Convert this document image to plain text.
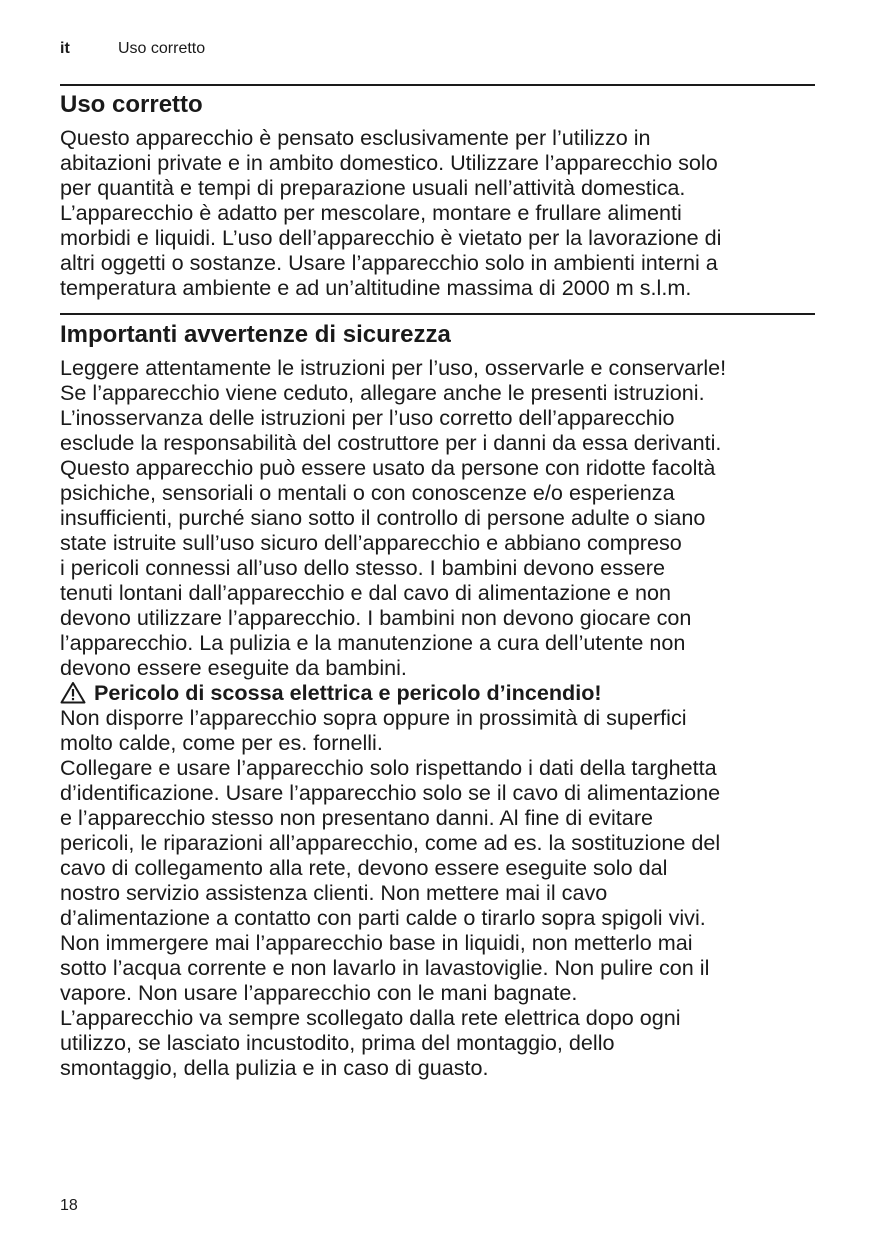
it	Uso corretto
Uso corretto
Questo apparecchio è pensato esclusivamente per l’utilizzo in
abitazioni private e in ambito domestico. Utilizzare l’apparecchio solo
per quantità e tempi di preparazione usuali nell’attività domestica.
L’apparecchio è adatto per mescolare, montare e frullare alimenti
morbidi e liquidi. L’uso dell’apparecchio è vietato per la lavorazione di
altri oggetti o sostanze. Usare l’apparecchio solo in ambienti interni a
temperatura ambiente e ad un’altitudine massima di 2000 m s.l.m.
Importanti avvertenze di sicurezza
Leggere attentamente le istruzioni per l’uso, osservarle e conservarle!
Se l’apparecchio viene ceduto, allegare anche le presenti istruzioni.
L’inosservanza delle istruzioni per l’uso corretto dell’apparecchio
esclude la responsabilità del costruttore per i danni da essa derivanti.
Questo apparecchio può essere usato da persone con ridotte facoltà
psichiche, sensoriali o mentali o con conoscenze e/o esperienza
insufficienti, purché siano sotto il controllo di persone adulte o siano
state istruite sull’uso sicuro dell’apparecchio e abbiano compreso
i pericoli connessi all’uso dello stesso. I bambini devono essere
tenuti lontani dall’apparecchio e dal cavo di alimentazione e non
devono utilizzare l’apparecchio. I bambini non devono giocare con
l’apparecchio. La pulizia e la manutenzione a cura dell’utente non
devono essere eseguite da bambini.
Pericolo di scossa elettrica e pericolo d’incendio!
Non disporre l’apparecchio sopra oppure in prossimità di superfici
molto calde, come per es. fornelli.
Collegare e usare l’apparecchio solo rispettando i dati della targhetta
d’identificazione. Usare l’apparecchio solo se il cavo di alimentazione
e l’apparecchio stesso non presentano danni. Al fine di evitare
pericoli, le riparazioni all’apparecchio, come ad es. la sostituzione del
cavo di collegamento alla rete, devono essere eseguite solo dal
nostro servizio assistenza clienti. Non mettere mai il cavo
d’alimentazione a contatto con parti calde o tirarlo sopra spigoli vivi.
Non immergere mai l’apparecchio base in liquidi, non metterlo mai
sotto l’acqua corrente e non lavarlo in lavastoviglie. Non pulire con il
vapore. Non usare l’apparecchio con le mani bagnate.
L’apparecchio va sempre scollegato dalla rete elettrica dopo ogni
utilizzo, se lasciato incustodito, prima del montaggio, dello
smontaggio, della pulizia e in caso di guasto.
18
